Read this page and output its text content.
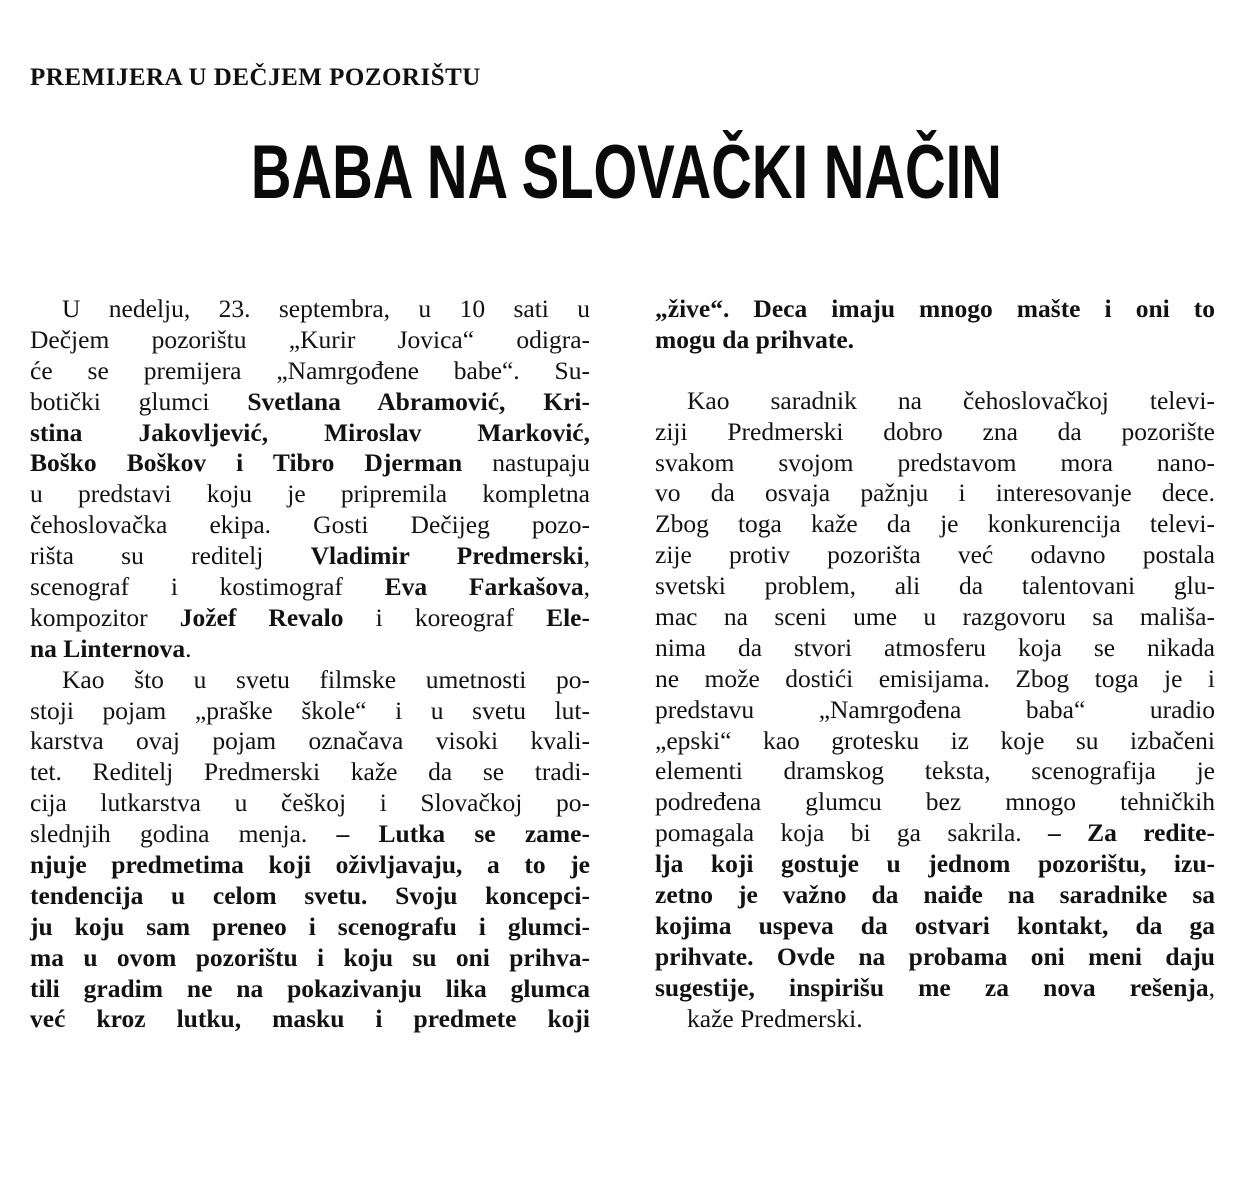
PREMIJERA U DEČJEM POZORIŠTU
BABA NA SLOVAČKI NAČIN
U nedelju, 23. septembra, u 10 sati u
Dečjem pozorištu „Kurir Jovica“ odigra-
će se premijera „Namrgođene babe“. Su-
botički glumci Svetlana Abramović, Kri-
stina Jakovljević, Miroslav Marković,
Boško Boškov i Tibro Djerman nastupaju
u predstavi koju je pripremila kompletna
čehoslovačka ekipa. Gosti Dečijeg pozo-
rišta su reditelj Vladimir Predmerski,
scenograf i kostimograf Eva Farkašova,
kompozitor Jožef Revalo i koreograf Ele-
na Linternova.
Kao što u svetu filmske umetnosti po-
stoji pojam „praške škole“ i u svetu lut-
karstva ovaj pojam označava visoki kvali-
tet. Reditelj Predmerski kaže da se tradi-
cija lutkarstva u češkoj i Slovačkoj po-
slednjih godina menja. – Lutka se zame-
njuje predmetima koji oživljavaju, a to je
tendencija u celom svetu. Svoju koncepci-
ju koju sam preneo i scenografu i glumci-
ma u ovom pozorištu i koju su oni prihva-
tili gradim ne na pokazivanju lika glumca
već kroz lutku, masku i predmete koji
„žive“. Deca imaju mnogo mašte i oni to
mogu da prihvate.
Kao saradnik na čehoslovačkoj televi-
ziji Predmerski dobro zna da pozorište
svakom svojom predstavom mora nano-
vo da osvaja pažnju i interesovanje dece.
Zbog toga kaže da je konkurencija televi-
zije protiv pozorišta već odavno postala
svetski problem, ali da talentovani glu-
mac na sceni ume u razgovoru sa mališa-
nima da stvori atmosferu koja se nikada
ne može dostići emisijama. Zbog toga je i
predstavu „Namrgođena baba“ uradio
„epski“ kao grotesku iz koje su izbačeni
elementi dramskog teksta, scenografija je
podređena glumcu bez mnogo tehničkih
pomagala koja bi ga sakrila. – Za redite-
lja koji gostuje u jednom pozorištu, izu-
zetno je važno da naiđe na saradnike sa
kojima uspeva da ostvari kontakt, da ga
prihvate. Ovde na probama oni meni daju
sugestije, inspirišu me za nova rešenja,
kaže Predmerski.
